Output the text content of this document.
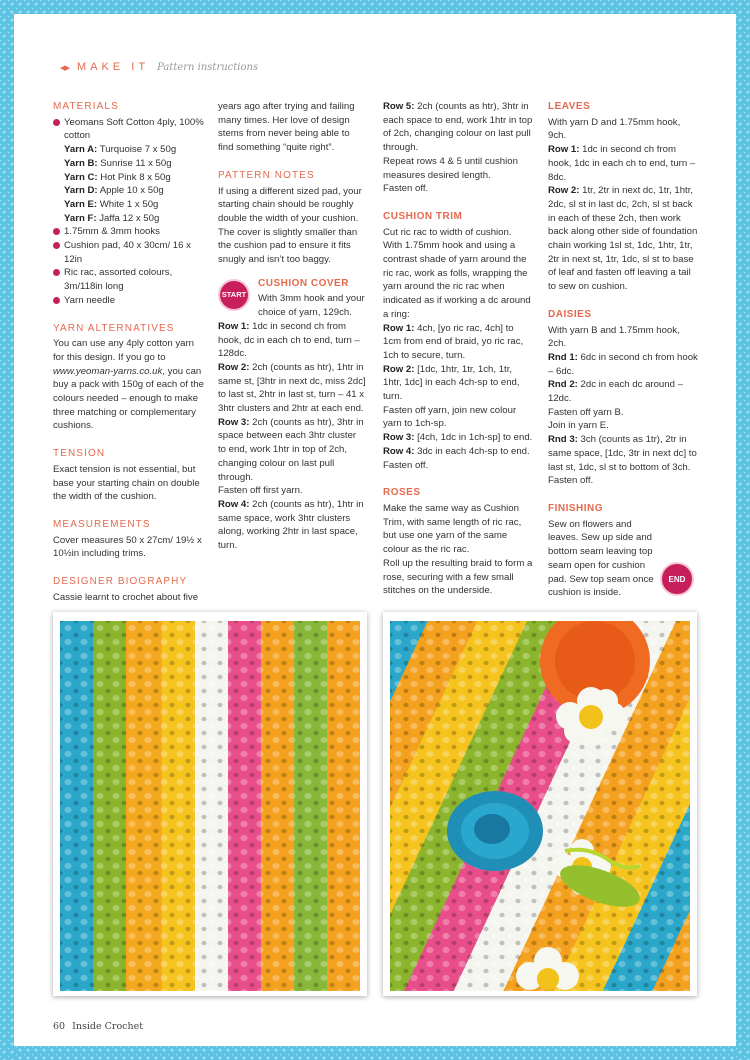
◂▸ MAKE IT Pattern instructions
MATERIALS
Yeomans Soft Cotton 4ply, 100% cotton
Yarn A: Turquoise 7 x 50g
Yarn B: Sunrise 11 x 50g
Yarn C: Hot Pink 8 x 50g
Yarn D: Apple 10 x 50g
Yarn E: White 1 x 50g
Yarn F: Jaffa 12 x 50g
1.75mm & 3mm hooks
Cushion pad, 40 x 30cm/ 16 x 12in
Ric rac, assorted colours, 3m/118in long
Yarn needle
YARN ALTERNATIVES

You can use any 4ply cotton yarn for this design. If you go to www.yeoman-yarns.co.uk, you can buy a pack with 150g of each of the colours needed – enough to make three matching or complementary cushions.

TENSION

Exact tension is not essential, but base your starting chain on double the width of the cushion.

MEASUREMENTS

Cover measures 50 x 27cm/ 19½ x 10½in including trims.

DESIGNER BIOGRAPHY

Cassie learnt to crochet about five

years ago after trying and failing many times. Her love of design stems from never being able to find something “quite right”.

PATTERN NOTES

If using a different sized pad, your starting chain should be roughly double the width of your cushion. The cover is slightly smaller than the cushion pad to ensure it fits snugly and isn’t too baggy.

START
CUSHION COVER

With 3mm hook and your choice of yarn, 129ch.

Row 1: 1dc in second ch from hook, dc in each ch to end, turn – 128dc.

Row 2: 2ch (counts as htr), 1htr in same st, [3htr in next dc, miss 2dc] to last st, 2htr in last st, turn – 41 x 3htr clusters and 2htr at each end.

Row 3: 2ch (counts as htr), 3htr in space between each 3htr cluster to end, work 1htr in top of 2ch, changing colour on last pull through.

Fasten off first yarn.

Row 4: 2ch (counts as htr), 1htr in same space, work 3htr clusters along, working 2htr in last space, turn.

Row 5: 2ch (counts as htr), 3htr in each space to end, work 1htr in top of 2ch, changing colour on last pull through.

Repeat rows 4 & 5 until cushion measures desired length.

Fasten off.

CUSHION TRIM

Cut ric rac to width of cushion. With 1.75mm hook and using a contrast shade of yarn around the ric rac, work as folls, wrapping the yarn around the ric rac when indicated as if working a dc around a ring:

Row 1: 4ch, [yo ric rac, 4ch] to 1cm from end of braid, yo ric rac, 1ch to secure, turn.

Row 2: [1dc, 1htr, 1tr, 1ch, 1tr, 1htr, 1dc] in each 4ch-sp to end, turn.

Fasten off yarn, join new colour yarn to 1ch-sp.

Row 3: [4ch, 1dc in 1ch-sp] to end.

Row 4: 3dc in each 4ch-sp to end.

Fasten off.

ROSES

Make the same way as Cushion Trim, with same length of ric rac, but use one yarn of the same colour as the ric rac.

Roll up the resulting braid to form a rose, securing with a few small stitches on the underside.

LEAVES

With yarn D and 1.75mm hook, 9ch.

Row 1: 1dc in second ch from hook, 1dc in each ch to end, turn – 8dc.

Row 2: 1tr, 2tr in next dc, 1tr, 1htr, 2dc, sl st in last dc, 2ch, sl st back in each of these 2ch, then work back along other side of foundation chain working 1sl st, 1dc, 1htr, 1tr, 2tr in next st, 1tr, 1dc, sl st to base of leaf and fasten off leaving a tail to sew on cushion.

DAISIES

With yarn B and 1.75mm hook, 2ch.

Rnd 1: 6dc in second ch from hook – 6dc.

Rnd 2: 2dc in each dc around – 12dc.

Fasten off yarn B.

Join in yarn E.

Rnd 3: 3ch (counts as 1tr), 2tr in same space, [1dc, 3tr in next dc] to last st, 1dc, sl st to bottom of 3ch.

Fasten off.

FINISHING

Sew on flowers and leaves. Sew up side and bottom seam leaving top seam open for cushion pad. Sew top seam once cushion is inside.

END
60 Inside Crochet
